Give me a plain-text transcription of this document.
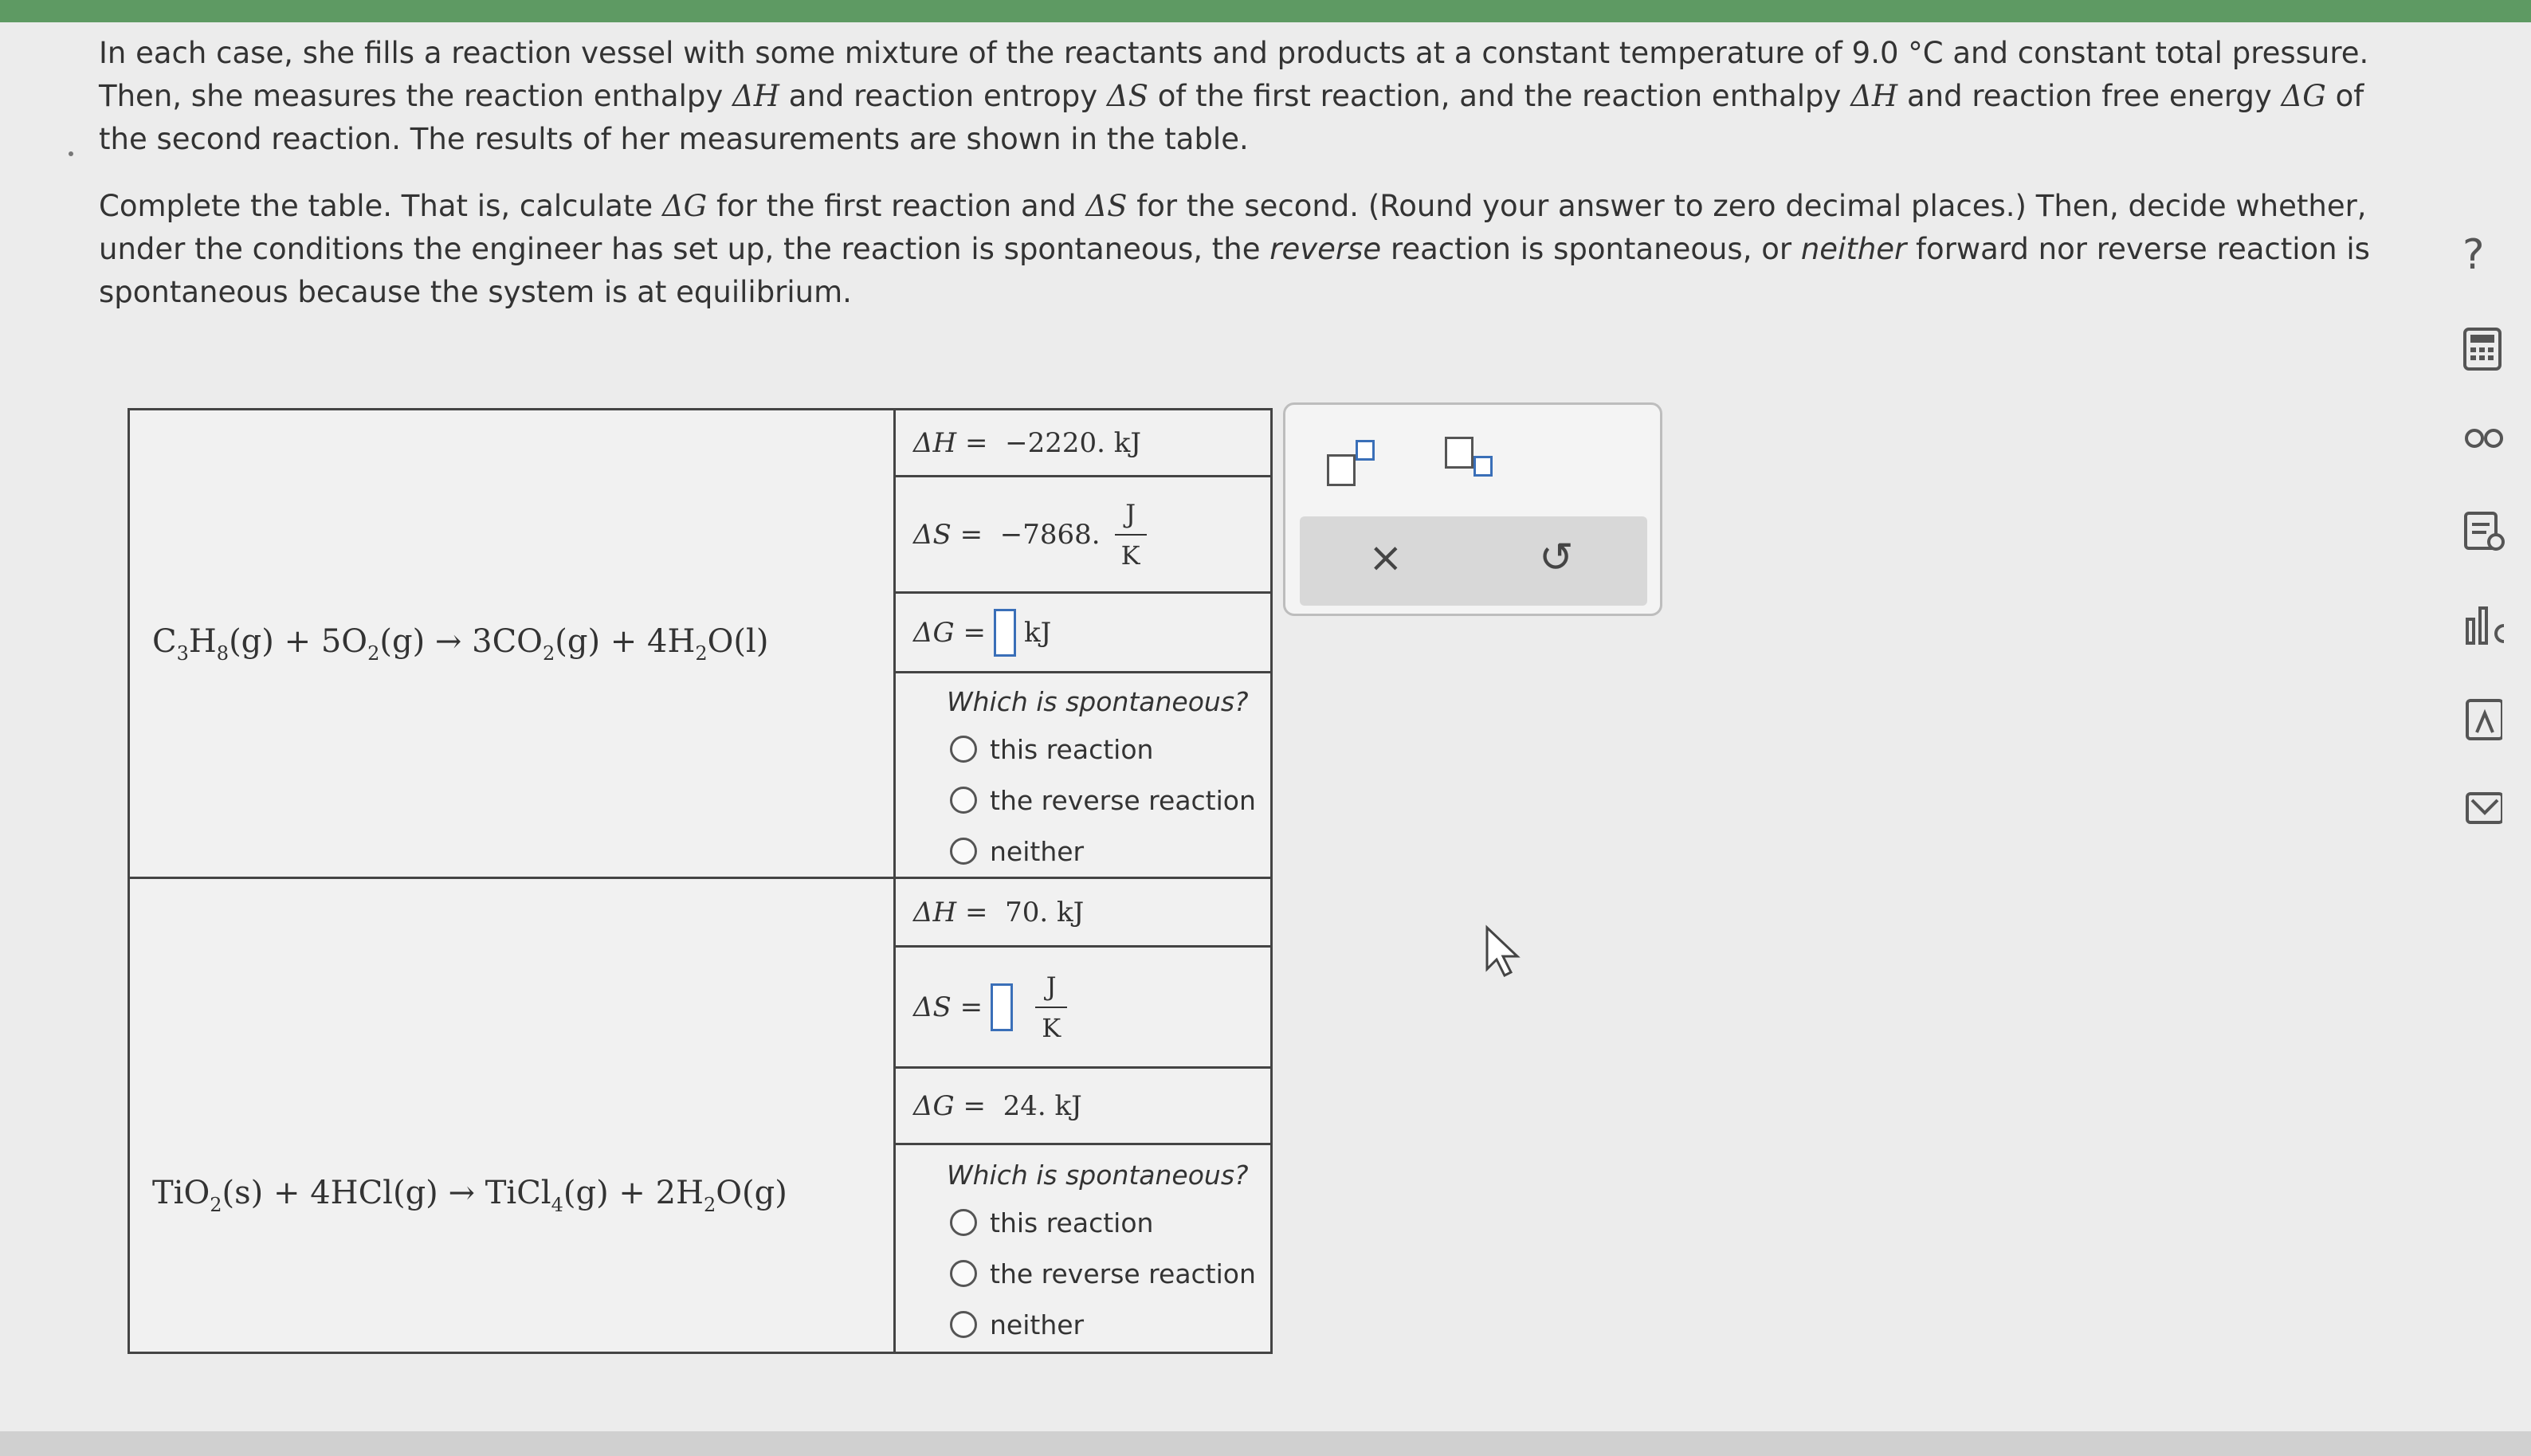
In each case, she fills a reaction vessel with some mixture of the reactants and products at a constant temperature of 9.0 °C and constant total pressure. Then, she measures the reaction enthalpy ΔH and reaction entropy ΔS of the first reaction, and the reaction enthalpy ΔH and reaction free energy ΔG of the second reaction. The results of her measurements are shown in the table.
Complete the table. That is, calculate ΔG for the first reaction and ΔS for the second. (Round your answer to zero decimal places.) Then, decide whether, under the conditions the engineer has set up, the reaction is spontaneous, the reverse reaction is spontaneous, or neither forward nor reverse reaction is spontaneous because the system is at equilibrium.
$C_3H_8(g) + 5O_2(g) \to 3CO_2(g) + 4H_2O(l)$	ΔH =
−2220. kJ

	ΔS =
−7868. $\frac{J}{K}$

	ΔG = kJ

	Which is spontaneous?
this reaction
the reverse reaction
neither

TiO$_2$(s) + 4HCl(g) → TiCl$_4$(g) + $2H_2O(g)$	ΔH =
70. kJ

	$\Delta S = \frac{J}{K}$

	ΔG =
24. kJ

	Which is spontaneous?
this reaction
the reverse reaction
neither
×	↺
?
